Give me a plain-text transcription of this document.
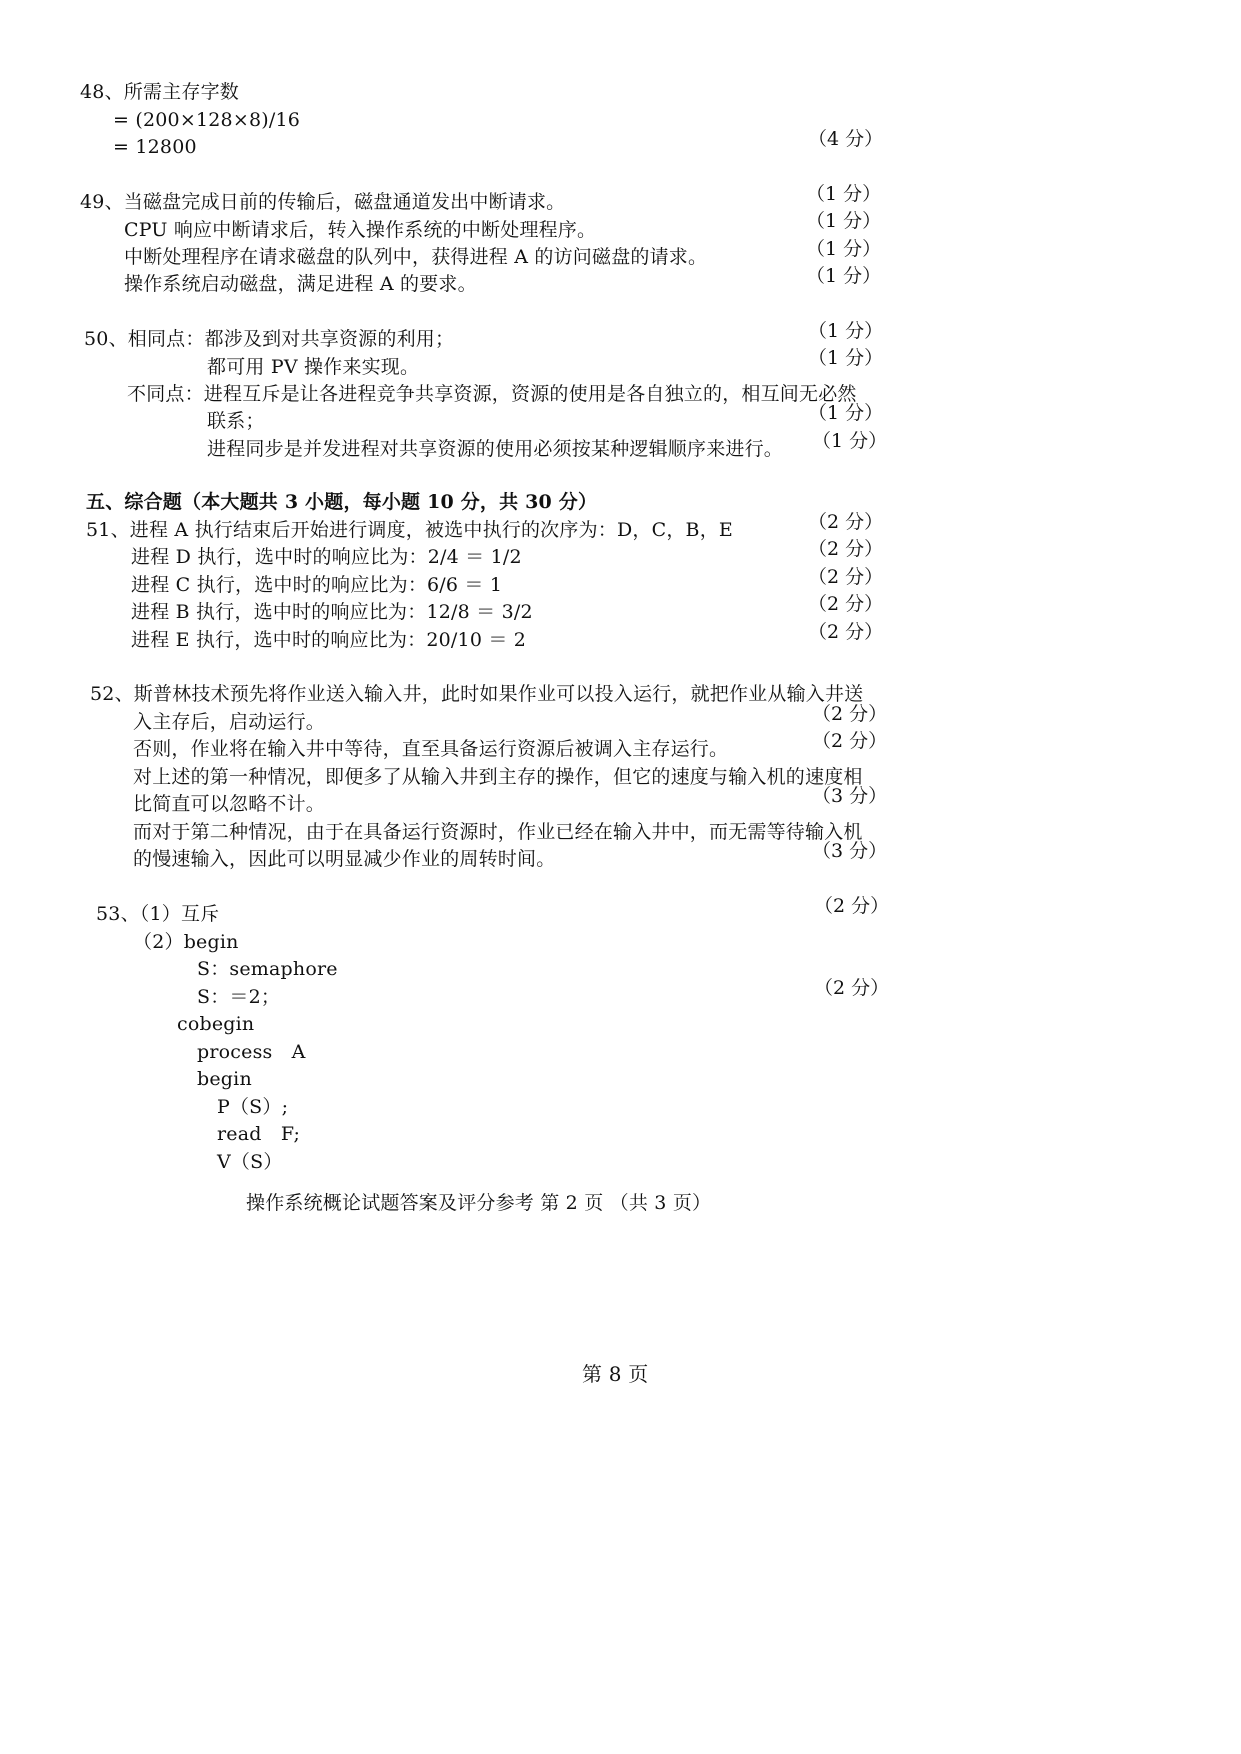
48、所需主存字数
= (200×128×8)/16
= 12800	（4 分）
49、当磁盘完成日前的传输后，磁盘通道发出中断请求。
CPU 响应中断请求后，转入操作系统的中断处理程序。
中断处理程序在请求磁盘的队列中，获得进程 A 的访问磁盘的请求。
操作系统启动磁盘，满足进程 A 的要求。
（1 分）
（1 分）
（1 分）
（1 分）
50、相同点：都涉及到对共享资源的利用；
都可用 PV 操作来实现。
不同点：进程互斥是让各进程竞争共享资源，资源的使用是各自独立的，相互间无必然
联系；
进程同步是并发进程对共享资源的使用必须按某种逻辑顺序来进行。
（1 分）
（1 分）
（1 分）
（1 分）
五、综合题（本大题共 3 小题，每小题 10 分，共 30 分）
51、进程 A 执行结束后开始进行调度，被选中执行的次序为：D，C，B，E
进程 D 执行，选中时的响应比为：2/4 ＝ 1/2
进程 C 执行，选中时的响应比为：6/6 ＝ 1
进程 B 执行，选中时的响应比为：12/8 ＝ 3/2
进程 E 执行，选中时的响应比为：20/10 ＝ 2
（2 分）
（2 分）
（2 分）
（2 分）
（2 分）
52、斯普林技术预先将作业送入输入井，此时如果作业可以投入运行，就把作业从输入井送
入主存后，启动运行。
否则，作业将在输入井中等待，直至具备运行资源后被调入主存运行。
对上述的第一种情况，即便多了从输入井到主存的操作，但它的速度与输入机的速度相
比简直可以忽略不计。
而对于第二种情况，由于在具备运行资源时，作业已经在输入井中，而无需等待输入机
的慢速输入，因此可以明显减少作业的周转时间。
（2 分）
（2 分）
（3 分）
（3 分）
53、（1）互斥
（2）begin
S：semaphore
S：＝2；
cobegin
process　A
begin
P（S）;
read　F;
V（S）
（2 分）
（2 分）
操作系统概论试题答案及评分参考 第 2 页 （共 3 页）
第 8 页
